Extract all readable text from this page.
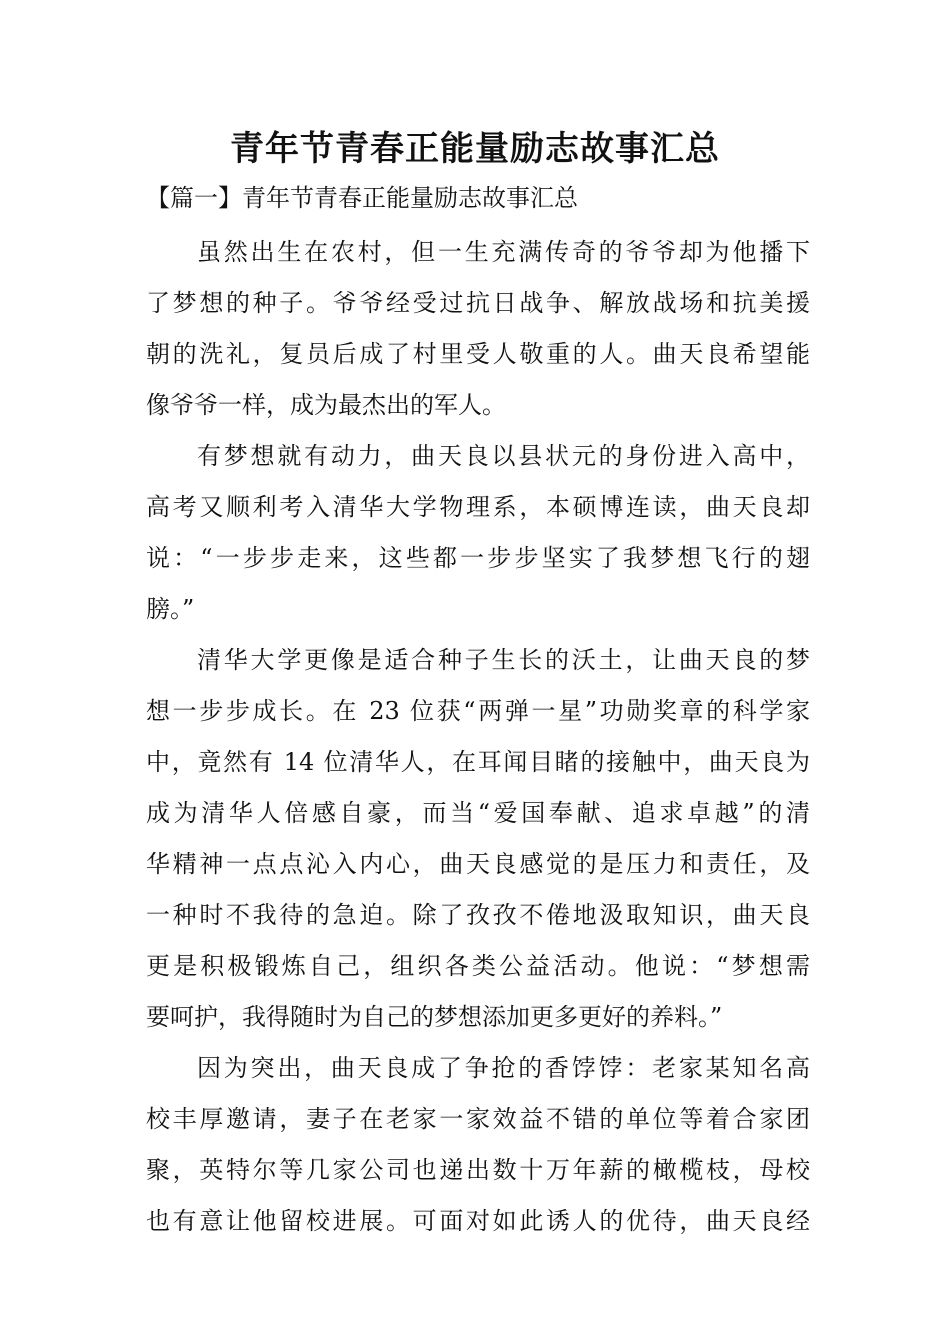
青年节青春正能量励志故事汇总
【篇一】青年节青春正能量励志故事汇总
虽然出生在农村，但一生充满传奇的爷爷却为他播下
了梦想的种子。爷爷经受过抗日战争、解放战场和抗美援
朝的洗礼，复员后成了村里受人敬重的人。曲天良希望能
像爷爷一样，成为最杰出的军人。
有梦想就有动力，曲天良以县状元的身份进入高中，
高考又顺利考入清华大学物理系，本硕博连读，曲天良却
说：“一步步走来，这些都一步步坚实了我梦想飞行的翅
膀。”
清华大学更像是适合种子生长的沃土，让曲天良的梦
想一步步成长。在 23 位获“两弹一星”功勋奖章的科学家
中，竟然有 14 位清华人，在耳闻目睹的接触中，曲天良为
成为清华人倍感自豪，而当“爱国奉献、追求卓越”的清
华精神一点点沁入内心，曲天良感觉的是压力和责任，及
一种时不我待的急迫。除了孜孜不倦地汲取知识，曲天良
更是积极锻炼自己，组织各类公益活动。他说：“梦想需
要呵护，我得随时为自己的梦想添加更多更好的养料。”
因为突出，曲天良成了争抢的香饽饽：老家某知名高
校丰厚邀请，妻子在老家一家效益不错的单位等着合家团
聚，英特尔等几家公司也递出数十万年薪的橄榄枝，母校
也有意让他留校进展。可面对如此诱人的优待，曲天良经
